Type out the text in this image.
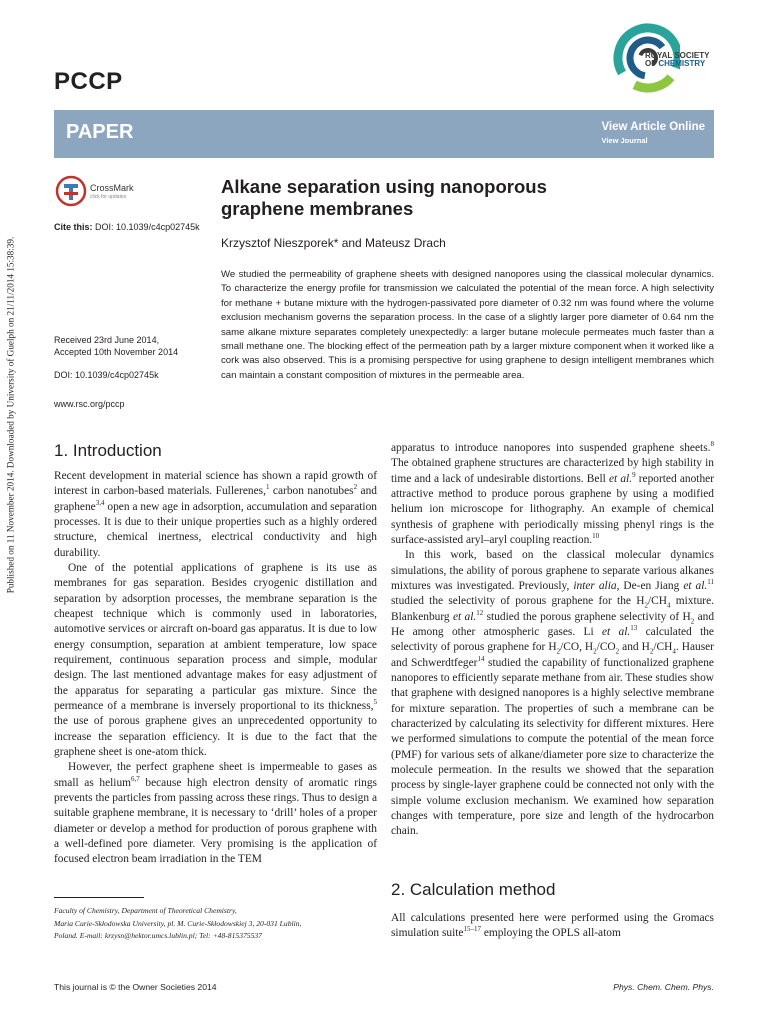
Published on 11 November 2014. Downloaded by University of Guelph on 21/11/2014 15:38:39.
PCCP
ROYAL SOCIETY
OF CHEMISTRY
PAPER	View Article Online
View Journal
CrossMark
click for updates
Cite this: DOI: 10.1039/c4cp02745k
Received 23rd June 2014,
Accepted 10th November 2014
DOI: 10.1039/c4cp02745k
www.rsc.org/pccp
Alkane separation using nanoporous
graphene membranes
Krzysztof Nieszporek* and Mateusz Drach
We studied the permeability of graphene sheets with designed nanopores using the classical molecular dynamics. To characterize the energy profile for transmission we calculated the potential of the mean force. A high selectivity for methane + butane mixture with the hydrogen-passivated pore diameter of 0.32 nm was found where the volume exclusion mechanism governs the separation process. In the case of a slightly larger pore diameter of 0.64 nm the same alkane mixture separates completely unexpectedly: a larger butane molecule permeates much faster than a small methane one. The blocking effect of the permeation path by a larger mixture component when it worked like a cork was also observed. This is a promising perspective for using graphene to design intelligent membranes which can maintain a constant composition of mixtures in the permeable area.
1. Introduction

Recent development in material science has shown a rapid growth of interest in carbon-based materials. Fullerenes,$^1$ carbon nanotubes$^2$ and graphene$^{3,4}$ open a new age in adsorption, accumulation and separation processes. It is due to their unique properties such as a highly ordered structure, chemical inertness, electrical conductivity and high durability.

One of the potential applications of graphene is its use as membranes for gas separation. Besides cryogenic distillation and separation by adsorption processes, the membrane separation is the cheapest technique which is commonly used in laboratories, automotive services or aircraft on-board gas apparatus. It is due to low energy consumption, separation at ambient temperature, low space requirement, continuous separation process and simple, modular design. The last mentioned advantage makes for easy adjustment of the apparatus for separating a particular gas mixture. Since the permeance of a membrane is inversely proportional to its thickness,$^5$ the use of porous graphene gives an unprecedented opportunity to increase the separation efficiency. It is due to the fact that the graphene sheet is one-atom thick.

However, the perfect graphene sheet is impermeable to gases as small as helium$^{6,7}$ because high electron density of aromatic rings prevents the particles from passing across these rings. Thus to design a suitable graphene membrane, it is necessary to ‘drill’ holes of a proper diameter or develop a method for production of porous graphene with a well-defined pore diameter. Very promising is the application of focused electron beam irradiation in the TEM

apparatus to introduce nanopores into suspended graphene sheets.$^8$ The obtained graphene structures are characterized by high stability in time and a lack of undesirable distortions. Bell et al.$^9$ reported another attractive method to produce porous graphene by using a modified helium ion microscope for lithography. An example of chemical synthesis of graphene with periodically missing phenyl rings is the surface-assisted aryl–aryl coupling reaction.$^{10}$

In this work, based on the classical molecular dynamics simulations, the ability of porous graphene to separate various alkanes mixtures was investigated. Previously, inter alia, De-en Jiang et al.$^{11}$ studied the selectivity of porous graphene for the $H_2/CH_4$ mixture. Blankenburg et al.$^{12}$ studied the porous graphene selectivity of $H_2$ and He among other atmospheric gases. Li et al.$^{13}$ calculated the selectivity of porous graphene for $H_2/CO$, $H_2/CO_2$ and $H_2/CH_4$. Hauser and Schwerdtfeger$^{14}$ studied the capability of functionalized graphene nanopores to efficiently separate methane from air. These studies show that graphene with designed nanopores is a highly selective membrane for mixture separation. The properties of such a membrane can be characterized by calculating its selectivity for different mixtures. Here we performed simulations to compute the potential of the mean force (PMF) for various sets of alkane/diameter pore size to characterize the molecule permeation. In the results we showed that the separation process by single-layer graphene could be connected not only with the simple volume exclusion mechanism. We examined how separation changes with temperature, pore size and length of the hydrocarbon chain.

2. Calculation method

All calculations presented here were performed using the Gromacs simulation suite$^{15-17}$ employing the OPLS all-atom

Faculty of Chemistry, Department of Theoretical Chemistry,
Maria Curie-Skłodowska University, pl. M. Curie-Skłodowskiej 3, 20-031 Lublin,
Poland. E-mail: krzysn@hektor.umcs.lublin.pl; Tel: +48-815375537
This journal is © the Owner Societies 2014	Phys. Chem. Chem. Phys.
